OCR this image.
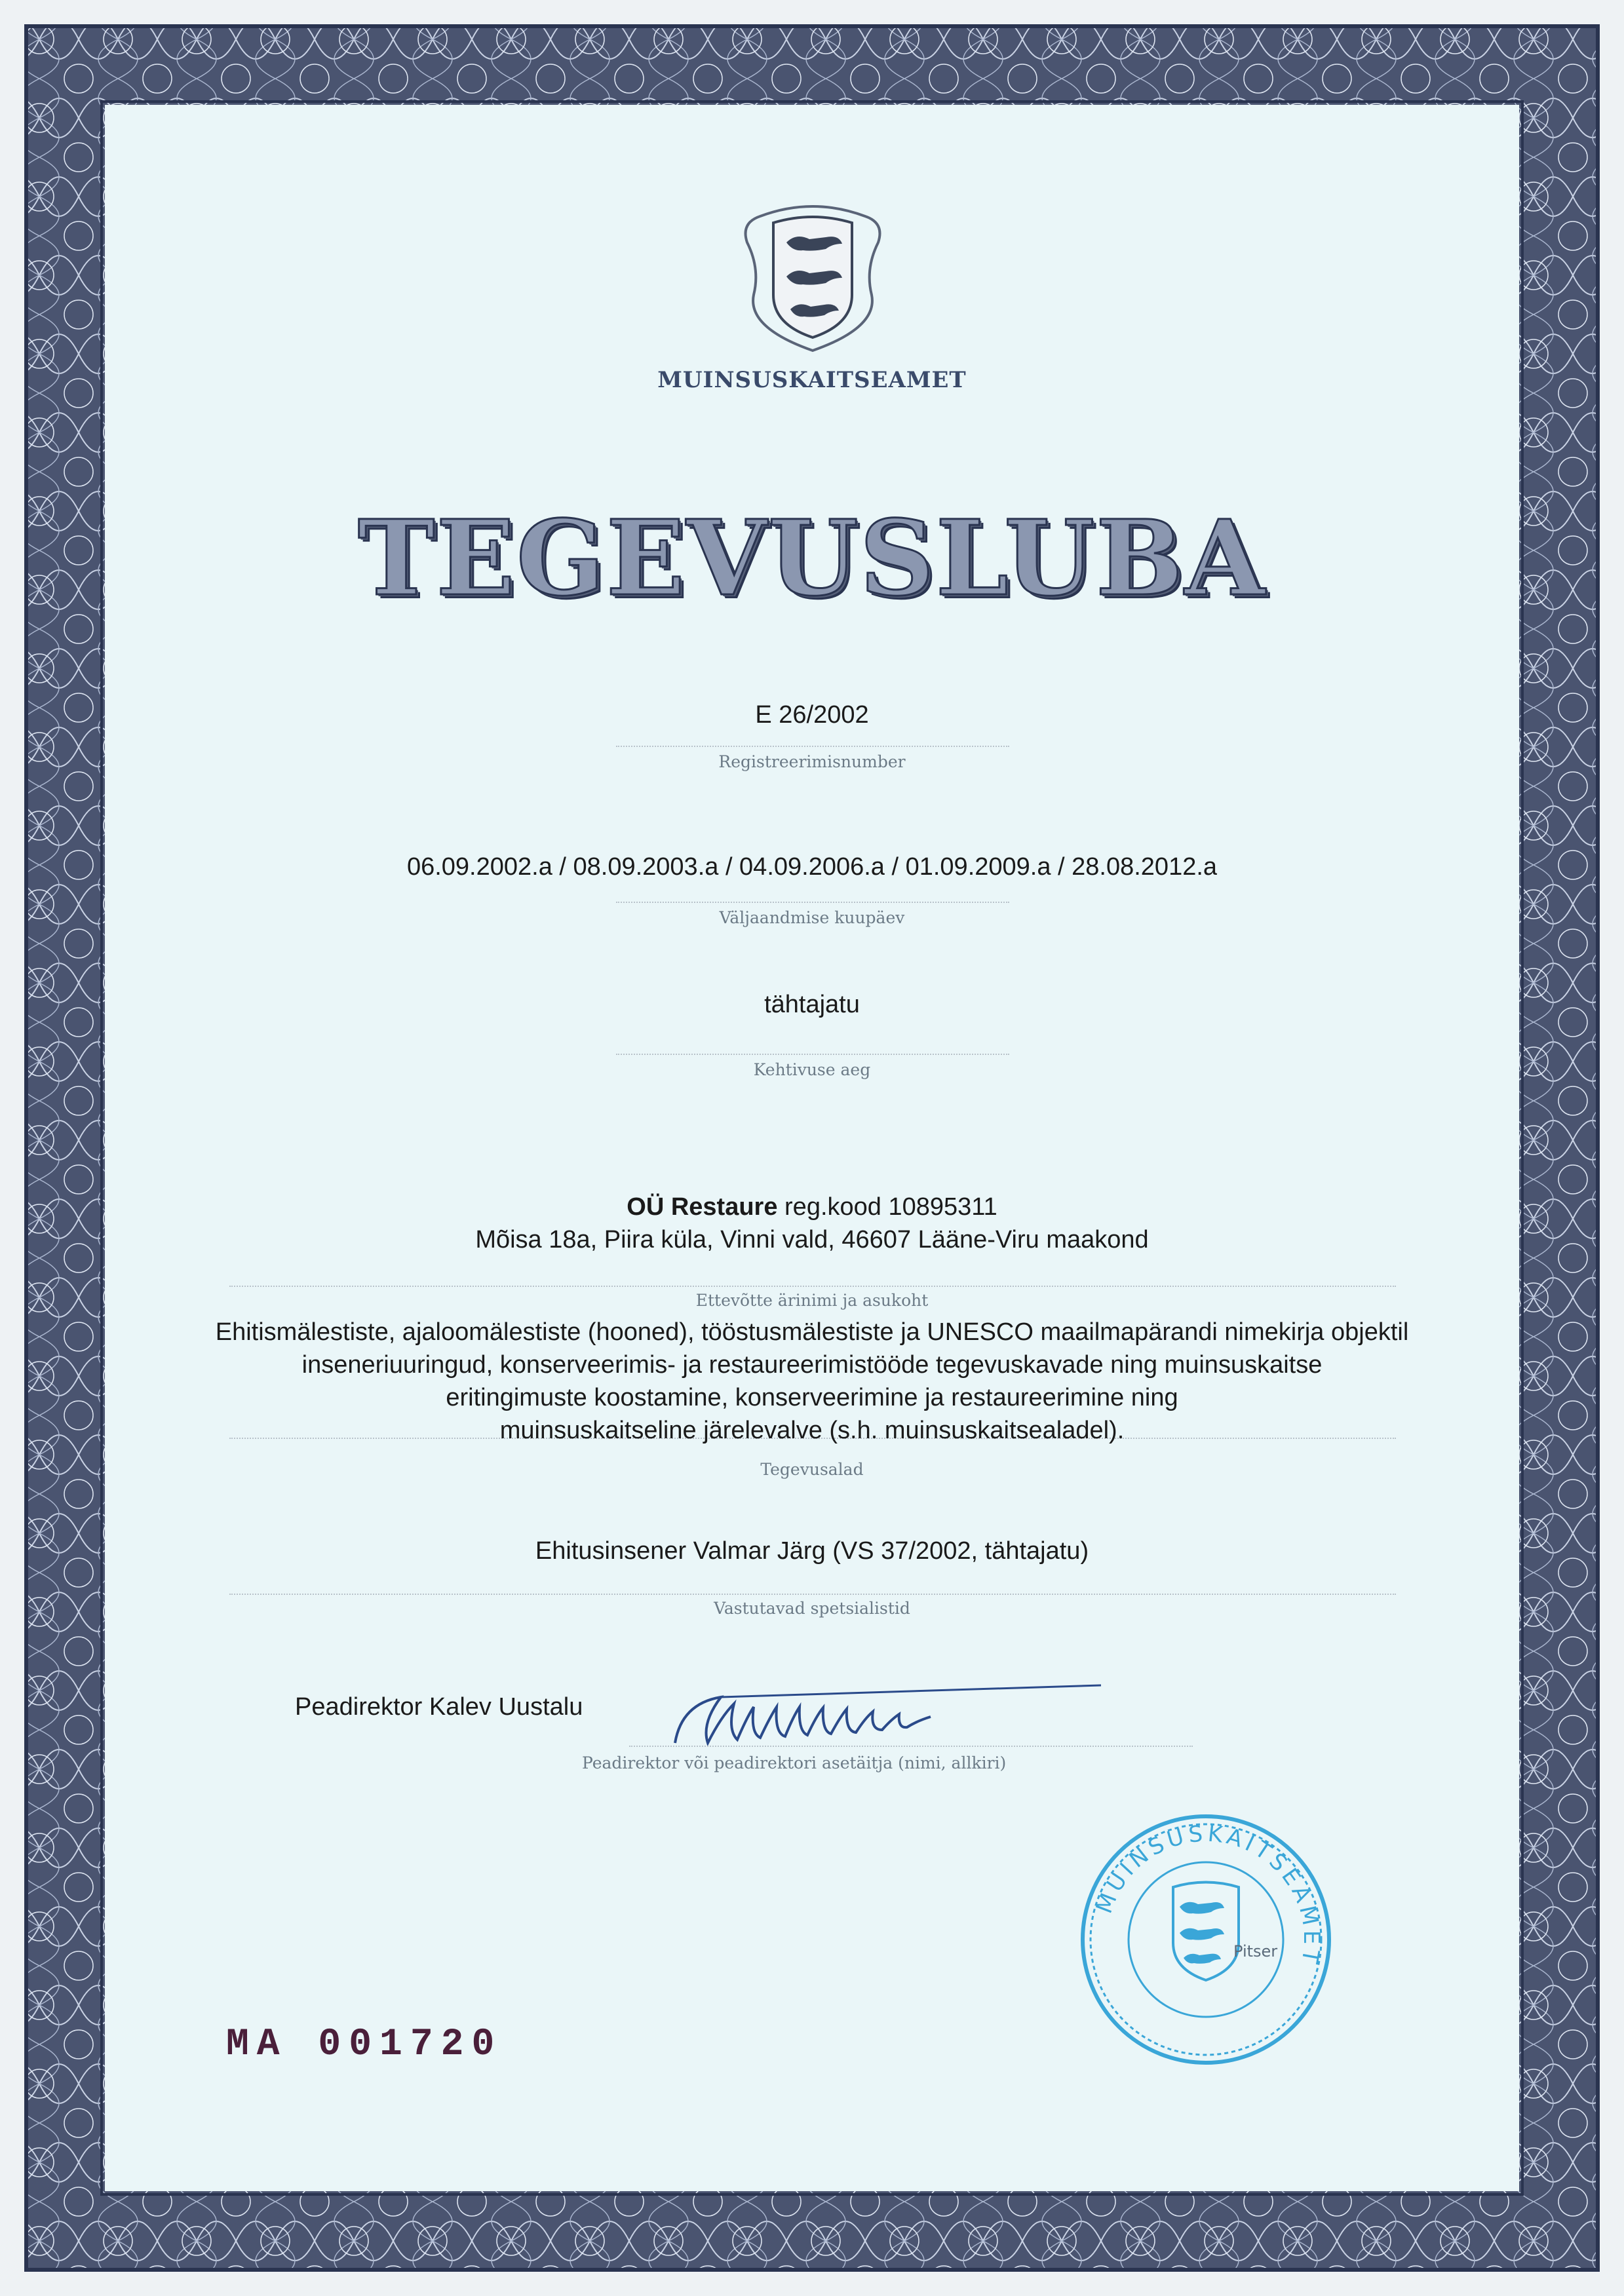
MUINSUSKAITSEAMET
TEGEVUSLUBA
E 26/2002
Registreerimisnumber
06.09.2002.a / 08.09.2003.a / 04.09.2006.a / 01.09.2009.a / 28.08.2012.a
Väljaandmise kuupäev
tähtajatu
Kehtivuse aeg
OÜ Restaure reg.kood 10895311
Mõisa 18a, Piira küla, Vinni vald, 46607 Lääne-Viru maakond
Ettevõtte ärinimi ja asukoht
Tegevusalad
Ehitismälestiste, ajaloomälestiste (hooned), tööstusmälestiste ja UNESCO maailmapärandi nimekirja objektil
inseneriuuringud, konserveerimis- ja restaureerimistööde tegevuskavade ning muinsuskaitse
eritingimuste koostamine, konserveerimine ja restaureerimine ning
muinsuskaitseline järelevalve (s.h. muinsuskaitsealadel).
Ehitusinsener Valmar Järg (VS 37/2002, tähtajatu)
Vastutavad spetsialistid
Peadirektor Kalev Uustalu
Peadirektor või peadirektori asetäitja (nimi, allkiri)
MUINSUSKAITSEAMET
Pitser
MA 001720
